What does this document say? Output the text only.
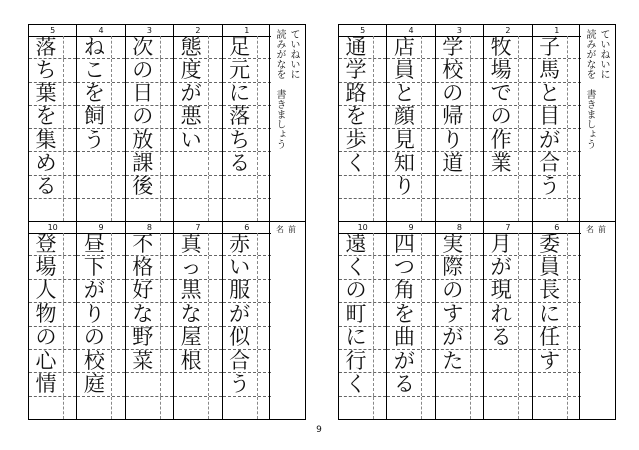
5
落
ち
葉
を
集
め
る
4
ね
こ
を
飼
う
3
次
の
日
の
放
課
後
2
態
度
が
悪
い
1
足
元
に
落
ち
る
ていねいに
読みがなを　書きましょう
10
登
場
人
物
の
心
情
9
昼
下
が
り
の
校
庭
8
不
格
好
な
野
菜
7
真
っ
黒
な
屋
根
6
赤
い
服
が
似
合
う
名前
5
通
学
路
を
歩
く
4
店
員
と
顔
見
知
り
3
学
校
の
帰
り
道
2
牧
場
で
の
作
業
1
子
馬
と
目
が
合
う
ていねいに
読みがなを　書きましょう
10
遠
く
の
町
に
行
く
9
四
つ
角
を
曲
が
る
8
実
際
の
す
が
た
7
月
が
現
れ
る
6
委
員
長
に
任
す
名前
9
